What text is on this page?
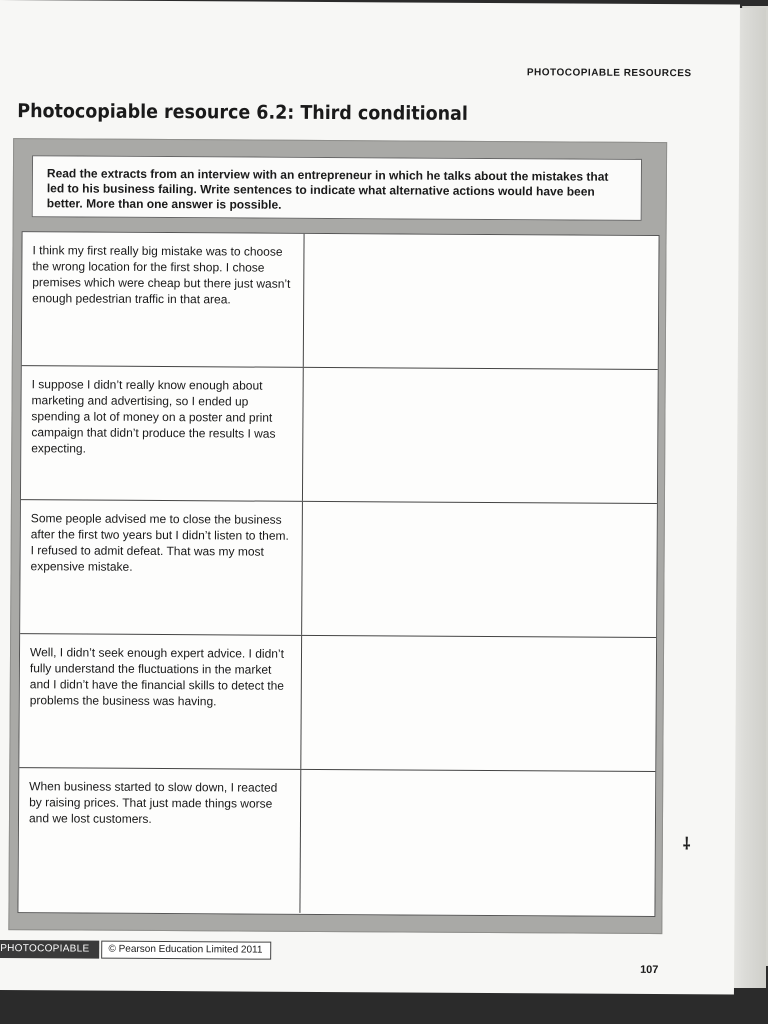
PHOTOCOPIABLE RESOURCES
Photocopiable resource 6.2: Third conditional
Read the extracts from an interview with an entrepreneur in which he talks about the mistakes that led to his business failing. Write sentences to indicate what alternative actions would have been better. More than one answer is possible.
I think my first really big mistake was to choose the wrong location for the first shop. I chose premises which were cheap but there just wasn’t enough pedestrian traffic in that area.
I suppose I didn’t really know enough about marketing and advertising, so I ended up spending a lot of money on a poster and print campaign that didn’t produce the results I was expecting.
Some people advised me to close the business after the first two years but I didn’t listen to them. I refused to admit defeat. That was my most expensive mistake.
Well, I didn’t seek enough expert advice. I didn’t fully understand the fluctuations in the market and I didn’t have the financial skills to detect the problems the business was having.
When business started to slow down, I reacted by raising prices. That just made things worse and we lost customers.
PHOTOCOPIABLE	© Pearson Education Limited 2011
107
⸸
